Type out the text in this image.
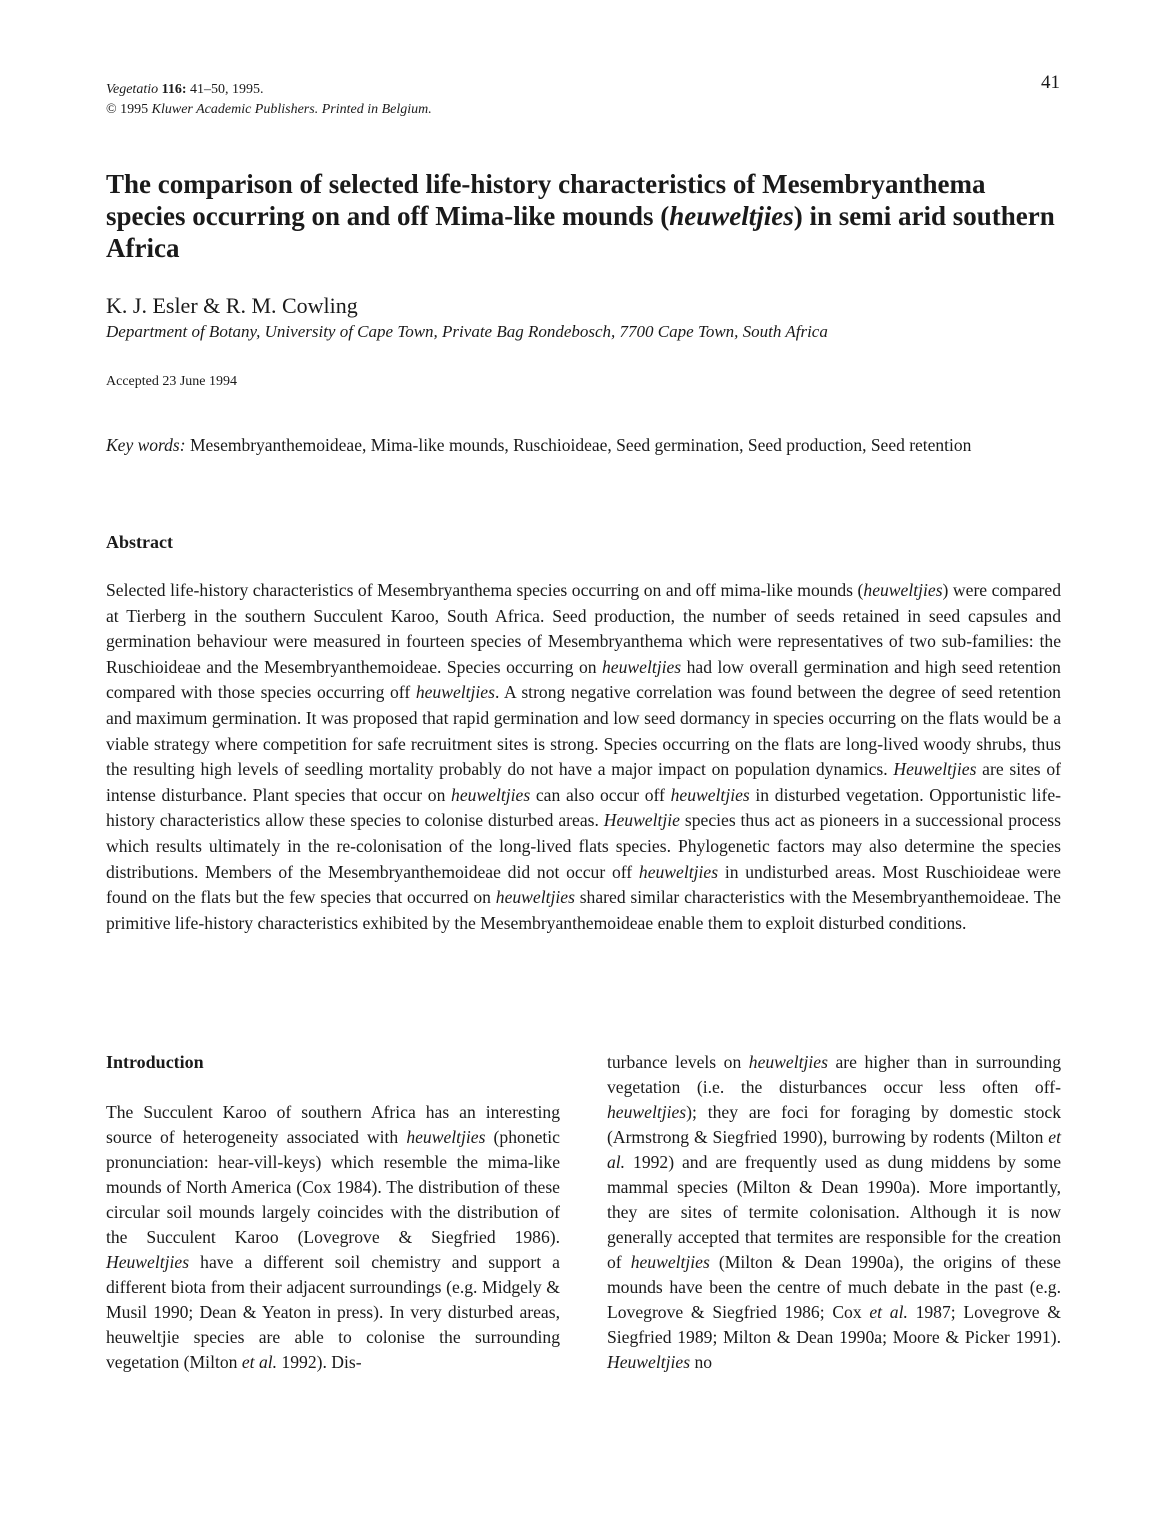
Vegetatio 116: 41–50, 1995.
© 1995 Kluwer Academic Publishers. Printed in Belgium.
41
The comparison of selected life-history characteristics of Mesembryanthema species occurring on and off Mima-like mounds (heuweltjies) in semi arid southern Africa
K. J. Esler & R. M. Cowling
Department of Botany, University of Cape Town, Private Bag Rondebosch, 7700 Cape Town, South Africa
Accepted 23 June 1994
Key words: Mesembryanthemoideae, Mima-like mounds, Ruschioideae, Seed germination, Seed production, Seed retention
Abstract

Selected life-history characteristics of Mesembryanthema species occurring on and off mima-like mounds (heuweltjies) were compared at Tierberg in the southern Succulent Karoo, South Africa. Seed production, the number of seeds retained in seed capsules and germination behaviour were measured in fourteen species of Mesembryanthema which were representatives of two sub-families: the Ruschioideae and the Mesembryanthemoideae. Species occurring on heuweltjies had low overall germination and high seed retention compared with those species occurring off heuweltjies. A strong negative correlation was found between the degree of seed retention and maximum germination. It was proposed that rapid germination and low seed dormancy in species occurring on the flats would be a viable strategy where competition for safe recruitment sites is strong. Species occurring on the flats are long-lived woody shrubs, thus the resulting high levels of seedling mortality probably do not have a major impact on population dynamics. Heuweltjies are sites of intense disturbance. Plant species that occur on heuweltjies can also occur off heuweltjies in disturbed vegetation. Opportunistic life-history characteristics allow these species to colonise disturbed areas. Heuweltjie species thus act as pioneers in a successional process which results ultimately in the re-colonisation of the long-lived flats species. Phylogenetic factors may also determine the species distributions. Members of the Mesembryanthemoideae did not occur off heuweltjies in undisturbed areas. Most Ruschioideae were found on the flats but the few species that occurred on heuweltjies shared similar characteristics with the Mesembryanthemoideae. The primitive life-history characteristics exhibited by the Mesembryanthemoideae enable them to exploit disturbed conditions.

Introduction

The Succulent Karoo of southern Africa has an interesting source of heterogeneity associated with heuweltjies (phonetic pronunciation: hear-vill-keys) which resemble the mima-like mounds of North America (Cox 1984). The distribution of these circular soil mounds largely coincides with the distribution of the Succulent Karoo (Lovegrove & Siegfried 1986). Heuweltjies have a different soil chemistry and support a different biota from their adjacent surroundings (e.g. Midgely & Musil 1990; Dean & Yeaton in press). In very disturbed areas, heuweltjie species are able to colonise the surrounding vegetation (Milton et al. 1992). Dis-

turbance levels on heuweltjies are higher than in surrounding vegetation (i.e. the disturbances occur less often off-heuweltjies); they are foci for foraging by domestic stock (Armstrong & Siegfried 1990), burrowing by rodents (Milton et al. 1992) and are frequently used as dung middens by some mammal species (Milton & Dean 1990a). More importantly, they are sites of termite colonisation. Although it is now generally accepted that termites are responsible for the creation of heuweltjies (Milton & Dean 1990a), the origins of these mounds have been the centre of much debate in the past (e.g. Lovegrove & Siegfried 1986; Cox et al. 1987; Lovegrove & Siegfried 1989; Milton & Dean 1990a; Moore & Picker 1991). Heuweltjies no
